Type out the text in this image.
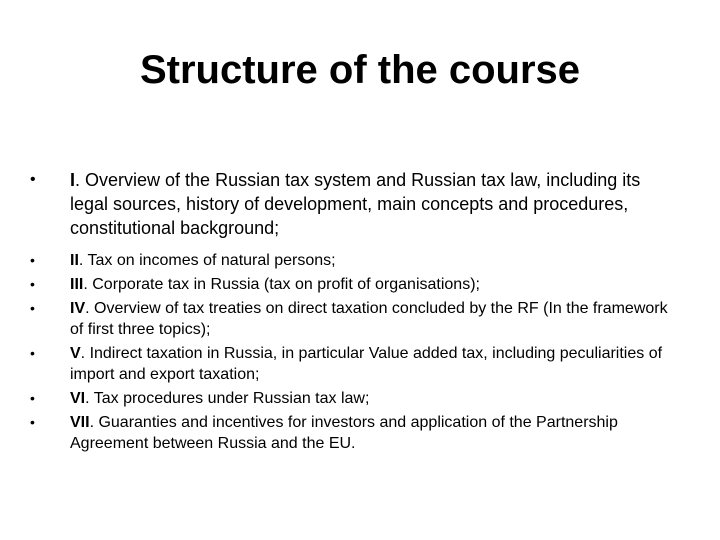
Structure of the course
•	I. Overview of the Russian tax system and Russian tax law, including its legal sources, history of development, main concepts and procedures, constitutional background;
•	II. Tax on incomes of natural persons;
•	III. Corporate tax in Russia (tax on profit of organisations);
•	IV. Overview of tax treaties on direct taxation concluded by the RF (In the framework of first three topics);
•	V. Indirect taxation in Russia, in particular Value added tax, including peculiarities of import and export taxation;
•	VI. Tax procedures under Russian tax law;
•	VII. Guaranties and incentives for investors and application of the Partnership Agreement between Russia and the EU.
